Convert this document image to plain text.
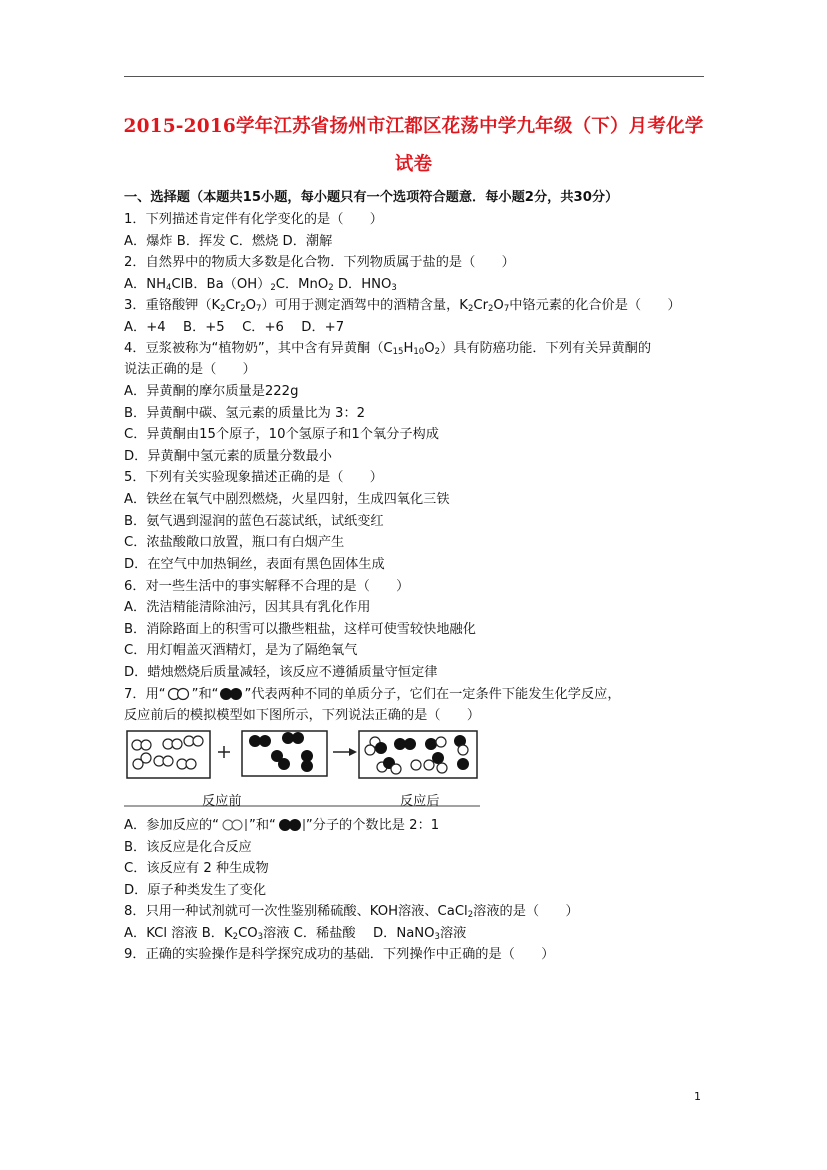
2015-2016学年江苏省扬州市江都区花荡中学九年级（下）月考化学
试卷
一、选择题（本题共15小题，每小题只有一个选项符合题意．每小题2分，共30分）
1．下列描述肯定伴有化学变化的是（　　）
A．爆炸 B．挥发 C．燃烧 D．潮解
2．自然界中的物质大多数是化合物．下列物质属于盐的是（　　）
A．$NH_4ClB$．$Ba(OH)_2C$．MnO$_2$ D．$HNO_3$
3．重铬酸钾$(K_2Cr_2O_7)$可用于测定酒驾中的酒精含量，$K_2Cr_2O_7$中铬元素的化合价是（　　）
A．+4　 B．+5　 C．+6　 D．+7
4．豆浆被称为“植物奶”，其中含有异黄酮$(C_{15}H_{10}O_2)$具有防癌功能．下列有关异黄酮的
说法正确的是（　　）
A．异黄酮的摩尔质量是222g
B．异黄酮中碳、氢元素的质量比为 3：2
C．异黄酮由15个原子，10个氢原子和1个氧分子构成
D．异黄酮中氢元素的质量分数最小
5．下列有关实验现象描述正确的是（　　）
A．铁丝在氧气中剧烈燃烧，火星四射，生成四氧化三铁
B．氨气遇到湿润的蓝色石蕊试纸，试纸变红
C．浓盐酸敞口放置，瓶口有白烟产生
D．在空气中加热铜丝，表面有黑色固体生成
6．对一些生活中的事实解释不合理的是（　　）
A．洗洁精能清除油污，因其具有乳化作用
B．消除路面上的积雪可以撒些粗盐，这样可使雪较快地融化
C．用灯帽盖灭酒精灯，是为了隔绝氧气
D．蜡烛燃烧后质量减轻，该反应不遵循质量守恒定律
7．用“ ”和“ ”代表两种不同的单质分子，它们在一定条件下能发生化学反应，
反应前后的模拟模型如下图所示，下列说法正确的是（　　）
反应前	反应后
A．参加反应的“ ”和“ ”分子的个数比是 2：1
B．该反应是化合反应
C．该反应有 2 种生成物
D．原子种类发生了变化
8．只用一种试剂就可一次性鉴别稀硫酸、KOH溶液、CaCl$_2$溶液的是（　　）
A．KCl 溶液 B．$K_2CO_3$溶液 C．稀盐酸　 D．NaNO$_3$溶液
9．正确的实验操作是科学探究成功的基础．下列操作中正确的是（　　）
1
